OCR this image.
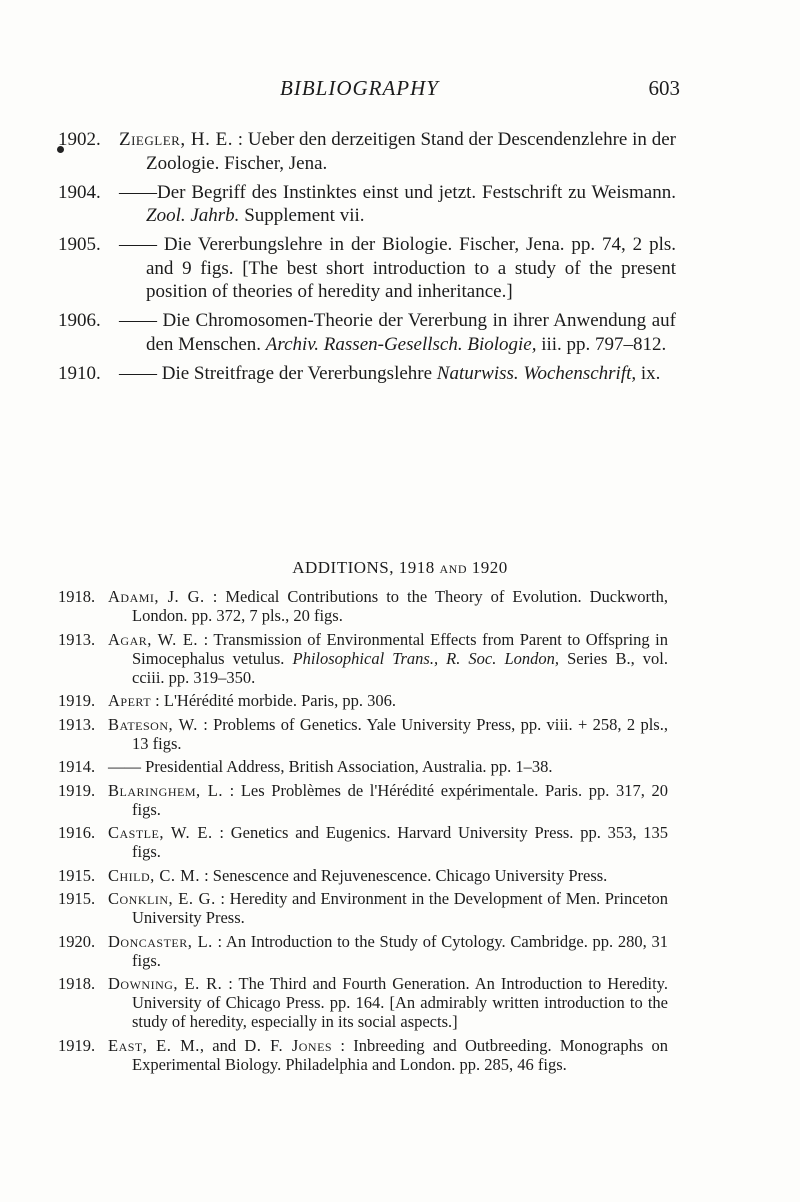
BIBLIOGRAPHY	603
1902. Ziegler, H. E. : Ueber den derzeitigen Stand der Descendenzlehre in der Zoologie. Fischer, Jena.
1904. ——Der Begriff des Instinktes einst und jetzt. Festschrift zu Weismann. Zool. Jahrb. Supplement vii.
1905. —— Die Vererbungslehre in der Biologie. Fischer, Jena. pp. 74, 2 pls. and 9 figs. [The best short introduction to a study of the present position of theories of heredity and inheritance.]
1906. —— Die Chromosomen-Theorie der Vererbung in ihrer Anwendung auf den Menschen. Archiv. Rassen-Gesellsch. Biologie, iii. pp. 797–812.
1910. —— Die Streitfrage der Vererbungslehre Naturwiss. Wochenschrift, ix.
ADDITIONS, 1918 and 1920
1918. Adami, J. G. : Medical Contributions to the Theory of Evolution. Duckworth, London. pp. 372, 7 pls., 20 figs.
1913. Agar, W. E. : Transmission of Environmental Effects from Parent to Offspring in Simocephalus vetulus. Philosophical Trans., R. Soc. London, Series B., vol. cciii. pp. 319–350.
1919. Apert : L'Hérédité morbide. Paris, pp. 306.
1913. Bateson, W. : Problems of Genetics. Yale University Press, pp. viii. + 258, 2 pls., 13 figs.
1914. —— Presidential Address, British Association, Australia. pp. 1–38.
1919. Blaringhem, L. : Les Problèmes de l'Hérédité expérimentale. Paris. pp. 317, 20 figs.
1916. Castle, W. E. : Genetics and Eugenics. Harvard University Press. pp. 353, 135 figs.
1915. Child, C. M. : Senescence and Rejuvenescence. Chicago University Press.
1915. Conklin, E. G. : Heredity and Environment in the Development of Men. Princeton University Press.
1920. Doncaster, L. : An Introduction to the Study of Cytology. Cambridge. pp. 280, 31 figs.
1918. Downing, E. R. : The Third and Fourth Generation. An Introduction to Heredity. University of Chicago Press. pp. 164. [An admirably written introduction to the study of heredity, especially in its social aspects.]
1919. East, E. M., and D. F. Jones : Inbreeding and Outbreeding. Monographs on Experimental Biology. Philadelphia and London. pp. 285, 46 figs.
